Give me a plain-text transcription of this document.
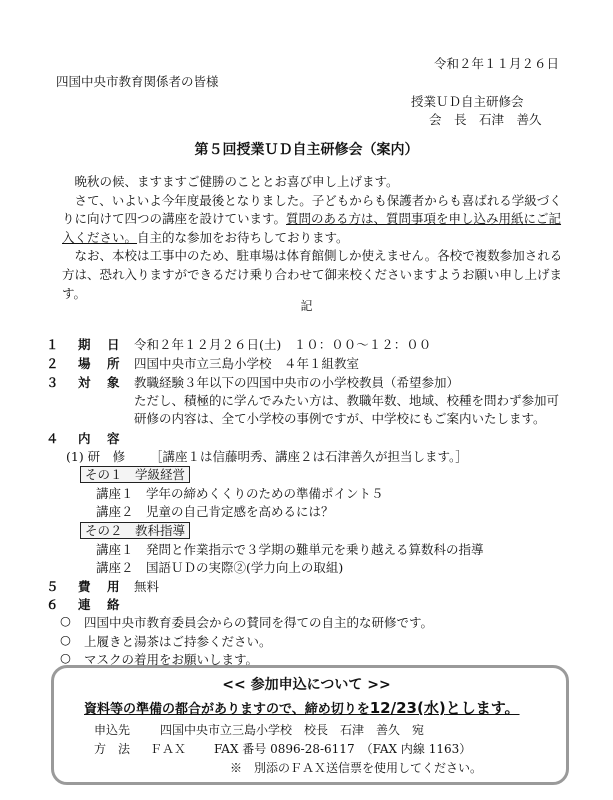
令和２年１１月２６日
四国中央市教育関係者の皆様
授業ＵＤ自主研修会
会　長　石津　善久
第５回授業ＵＤ自主研修会（案内）

晩秋の候、ますますご健勝のこととお喜び申し上げます。

さて、いよいよ今年度最後となりました。子どもからも保護者からも喜ばれる学級づくりに向けて四つの講座を設けています。質問のある方は、質問事項を申し込み用紙にご記入ください。自主的な参加をお待ちしております。

なお、本校は工事中のため、駐車場は体育館側しか使えません。各校で複数参加される方は、恐れ入りますができるだけ乗り合わせて御来校くださいますようお願い申し上げます。

記
１ 期　日 令和２年１２月２６日(土)　１０：００～１２：００
２ 場　所 四国中央市立三島小学校　４年１組教室
３ 対　象 教職経験３年以下の四国中央市の小学校教員（希望参加）
ただし、積極的に学んでみたい方は、教職年数、地域、校種を問わず参加可
研修の内容は、全て小学校の事例ですが、中学校にもご案内いたします。
４ 内　容
(1) 研　修 ［講座１は信藤明秀、講座２は石津善久が担当します。］
その１　学級経営
講座１　学年の締めくくりのための準備ポイント５
講座２　児童の自己肯定感を高めるには？
その２　教科指導
講座１　発問と作業指示で３学期の難単元を乗り越える算数科の指導
講座２　国語ＵＤの実際②(学力向上の取組)
５ 費　用 無料
６ 連　絡
○ 四国中央市教育委員会からの賛同を得ての自主的な研修です。
○ 上履きと湯茶はご持参ください。
○ マスクの着用をお願いします。
<< 参加申込について >>
資料等の準備の都合がありますので、締め切りを12/23(水)とします。
申込先 四国中央市立三島小学校　校長　石津　善久　宛
方　法 ＦＡＸ FAX 番号 0896-28-6117　（FAX 内線 1163）
※　別添のＦＡＸ送信票を使用してください。
